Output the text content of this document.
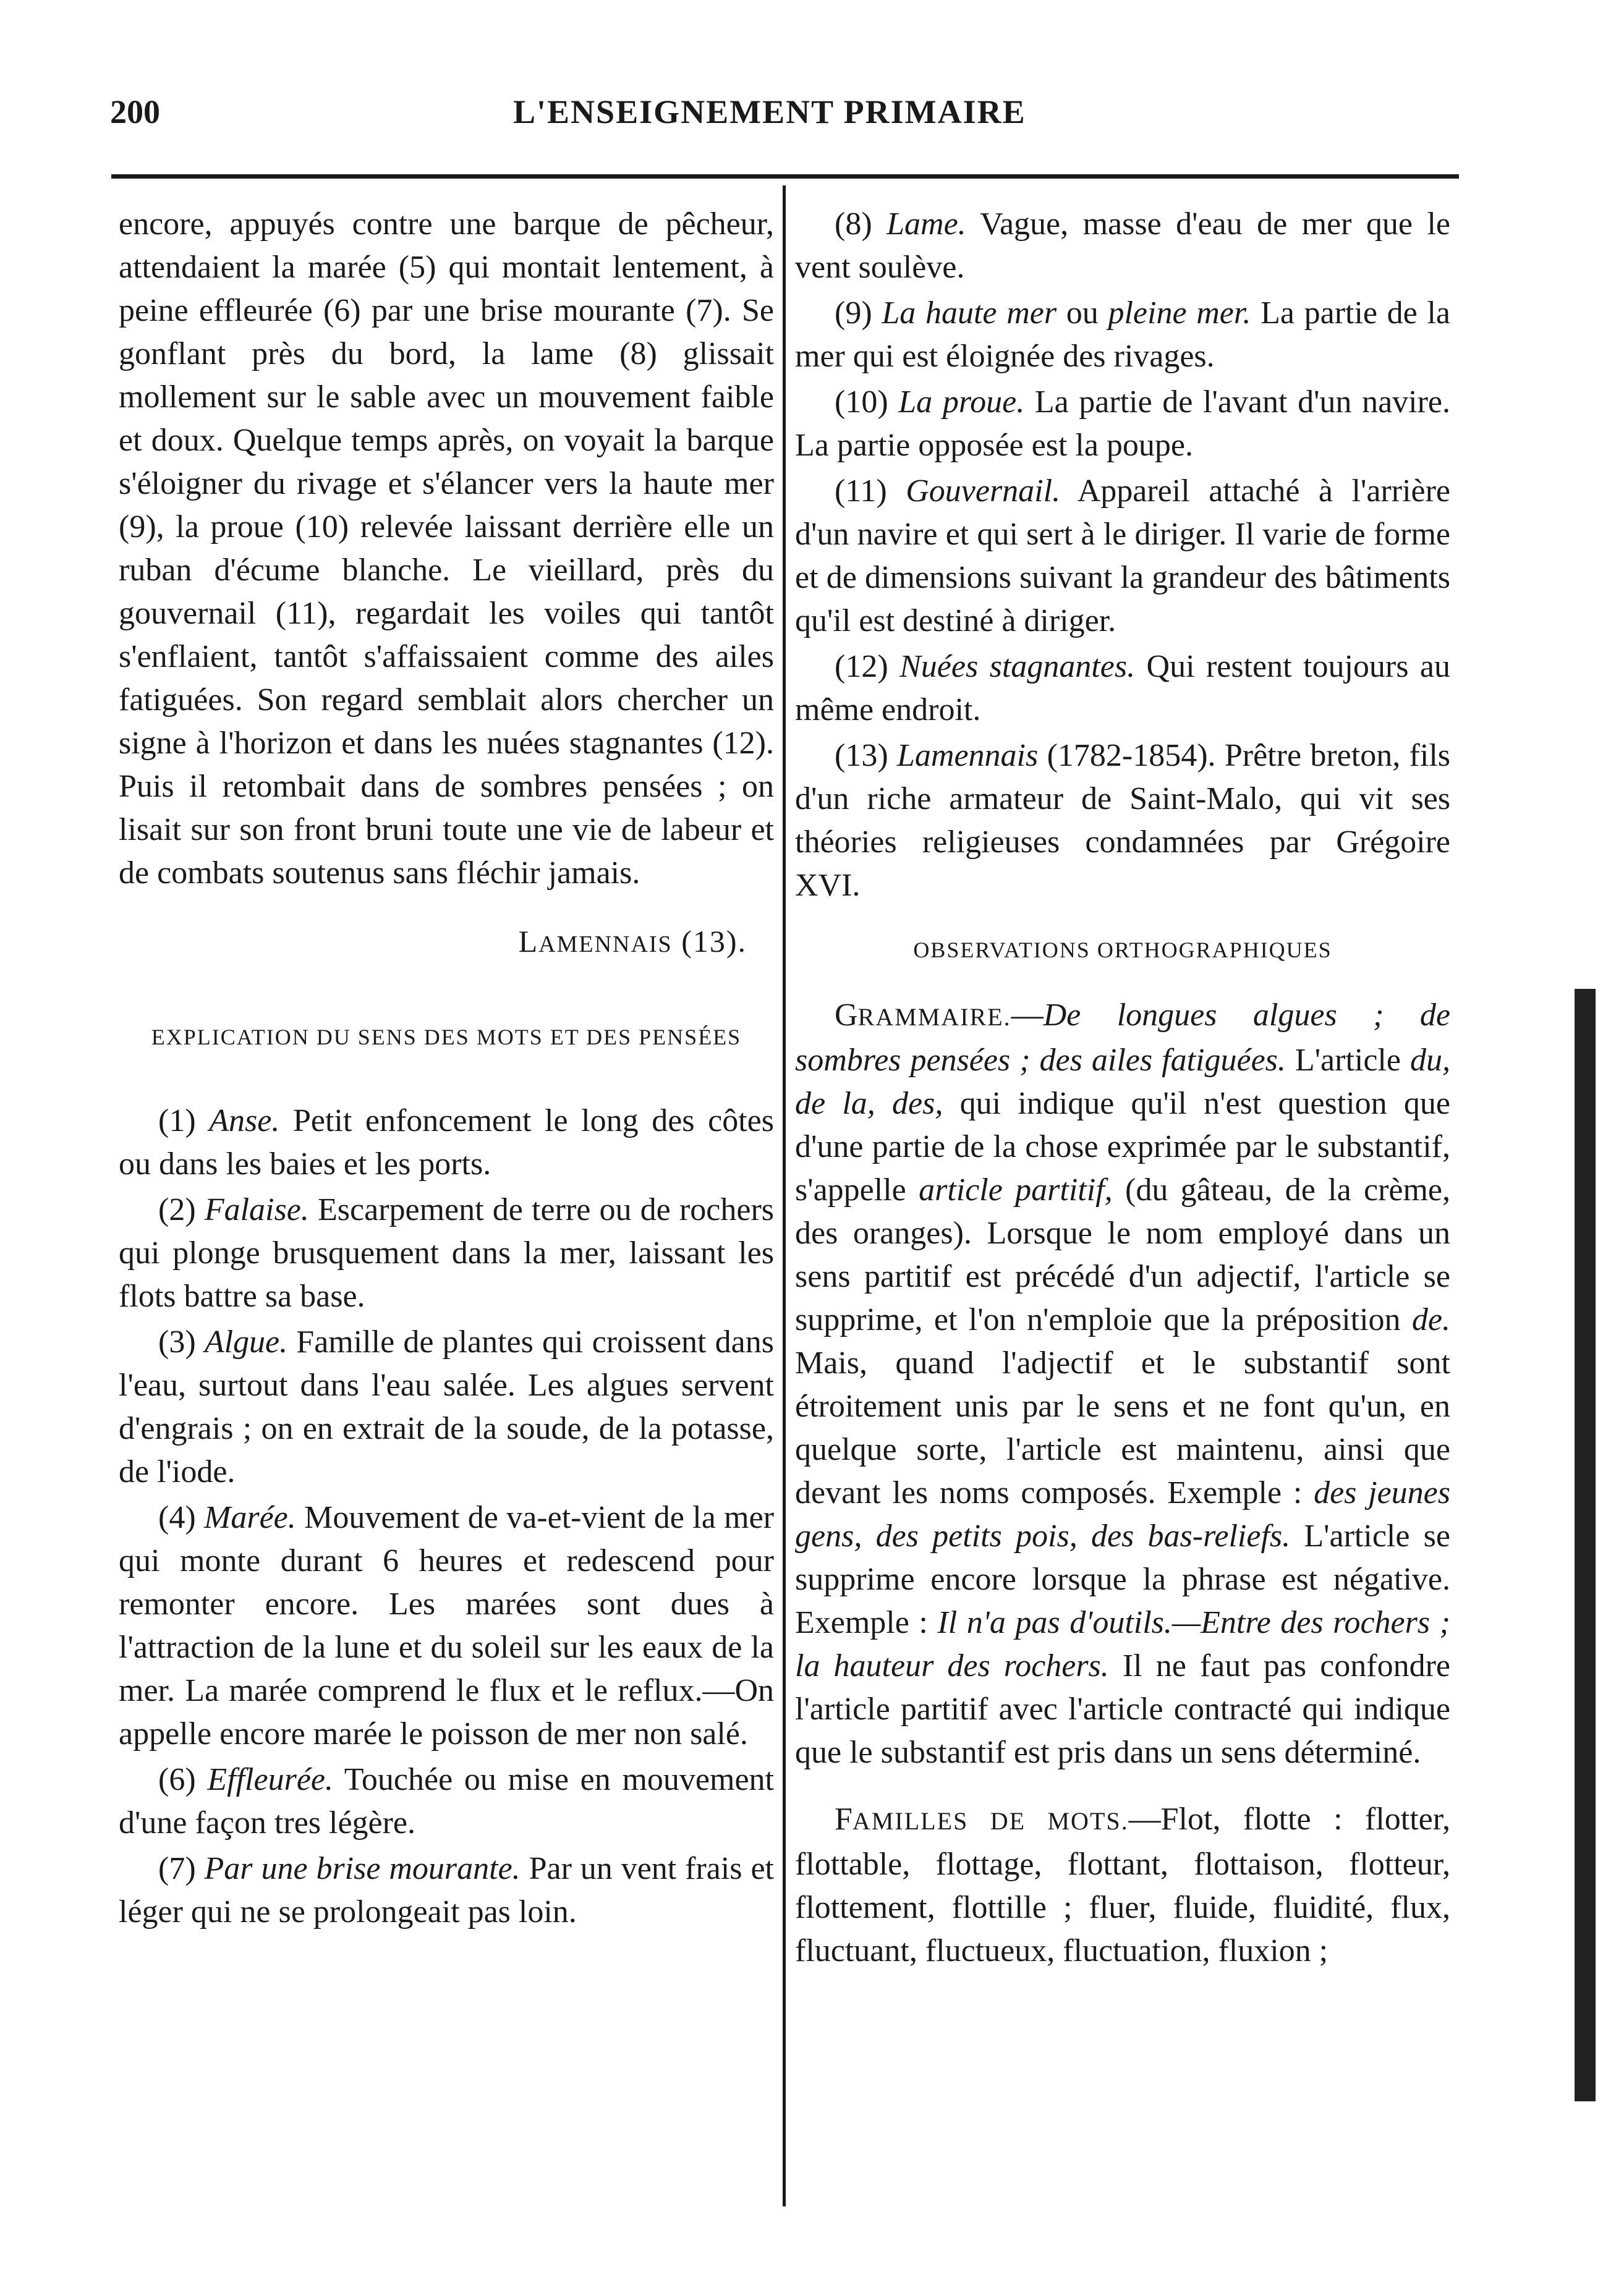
200	L'ENSEIGNEMENT PRIMAIRE

encore, appuyés contre une barque de pêcheur, attendaient la marée (5) qui montait lentement, à peine effleurée (6) par une brise mourante (7). Se gonflant près du bord, la lame (8) glissait mollement sur le sable avec un mouvement faible et doux. Quelque temps après, on voyait la barque s'éloigner du rivage et s'élancer vers la haute mer (9), la proue (10) relevée laissant derrière elle un ruban d'écume blanche. Le vieillard, près du gouvernail (11), regardait les voiles qui tantôt s'enflaient, tantôt s'affaissaient comme des ailes fatiguées. Son regard semblait alors chercher un signe à l'horizon et dans les nuées stagnantes (12). Puis il retombait dans de sombres pensées ; on lisait sur son front bruni toute une vie de labeur et de combats soutenus sans fléchir jamais.

LAMENNAIS (13).

EXPLICATION DU SENS DES MOTS ET DES PENSÉES

(1) Anse. Petit enfoncement le long des côtes ou dans les baies et les ports.

(2) Falaise. Escarpement de terre ou de rochers qui plonge brusquement dans la mer, laissant les flots battre sa base.

(3) Algue. Famille de plantes qui croissent dans l'eau, surtout dans l'eau salée. Les algues servent d'engrais ; on en extrait de la soude, de la potasse, de l'iode.

(4) Marée. Mouvement de va-et-vient de la mer qui monte durant 6 heures et redescend pour remonter encore. Les marées sont dues à l'attraction de la lune et du soleil sur les eaux de la mer. La marée comprend le flux et le reflux.—On appelle encore marée le poisson de mer non salé.

(6) Effleurée. Touchée ou mise en mouvement d'une façon tres légère.

(7) Par une brise mourante. Par un vent frais et léger qui ne se prolongeait pas loin.

(8) Lame. Vague, masse d'eau de mer que le vent soulève.

(9) La haute mer ou pleine mer. La partie de la mer qui est éloignée des rivages.

(10) La proue. La partie de l'avant d'un navire. La partie opposée est la poupe.

(11) Gouvernail. Appareil attaché à l'arrière d'un navire et qui sert à le diriger. Il varie de forme et de dimensions suivant la grandeur des bâtiments qu'il est destiné à diriger.

(12) Nuées stagnantes. Qui restent toujours au même endroit.

(13) Lamennais (1782-1854). Prêtre breton, fils d'un riche armateur de Saint-Malo, qui vit ses théories religieuses condamnées par Grégoire XVI.

OBSERVATIONS ORTHOGRAPHIQUES

GRAMMAIRE.—De longues algues ; de sombres pensées ; des ailes fatiguées. L'article du, de la, des, qui indique qu'il n'est question que d'une partie de la chose exprimée par le substantif, s'appelle article partitif, (du gâteau, de la crème, des oranges). Lorsque le nom employé dans un sens partitif est précédé d'un adjectif, l'article se supprime, et l'on n'emploie que la préposition de. Mais, quand l'adjectif et le substantif sont étroitement unis par le sens et ne font qu'un, en quelque sorte, l'article est maintenu, ainsi que devant les noms composés. Exemple : des jeunes gens, des petits pois, des bas-reliefs. L'article se supprime encore lorsque la phrase est négative. Exemple : Il n'a pas d'outils.—Entre des rochers ; la hauteur des rochers. Il ne faut pas confondre l'article partitif avec l'article contracté qui indique que le substantif est pris dans un sens déterminé.

FAMILLES DE MOTS.—Flot, flotte : flotter, flottable, flottage, flottant, flottaison, flotteur, flottement, flottille ; fluer, fluide, fluidité, flux, fluctuant, fluctueux, fluctuation, fluxion ;
